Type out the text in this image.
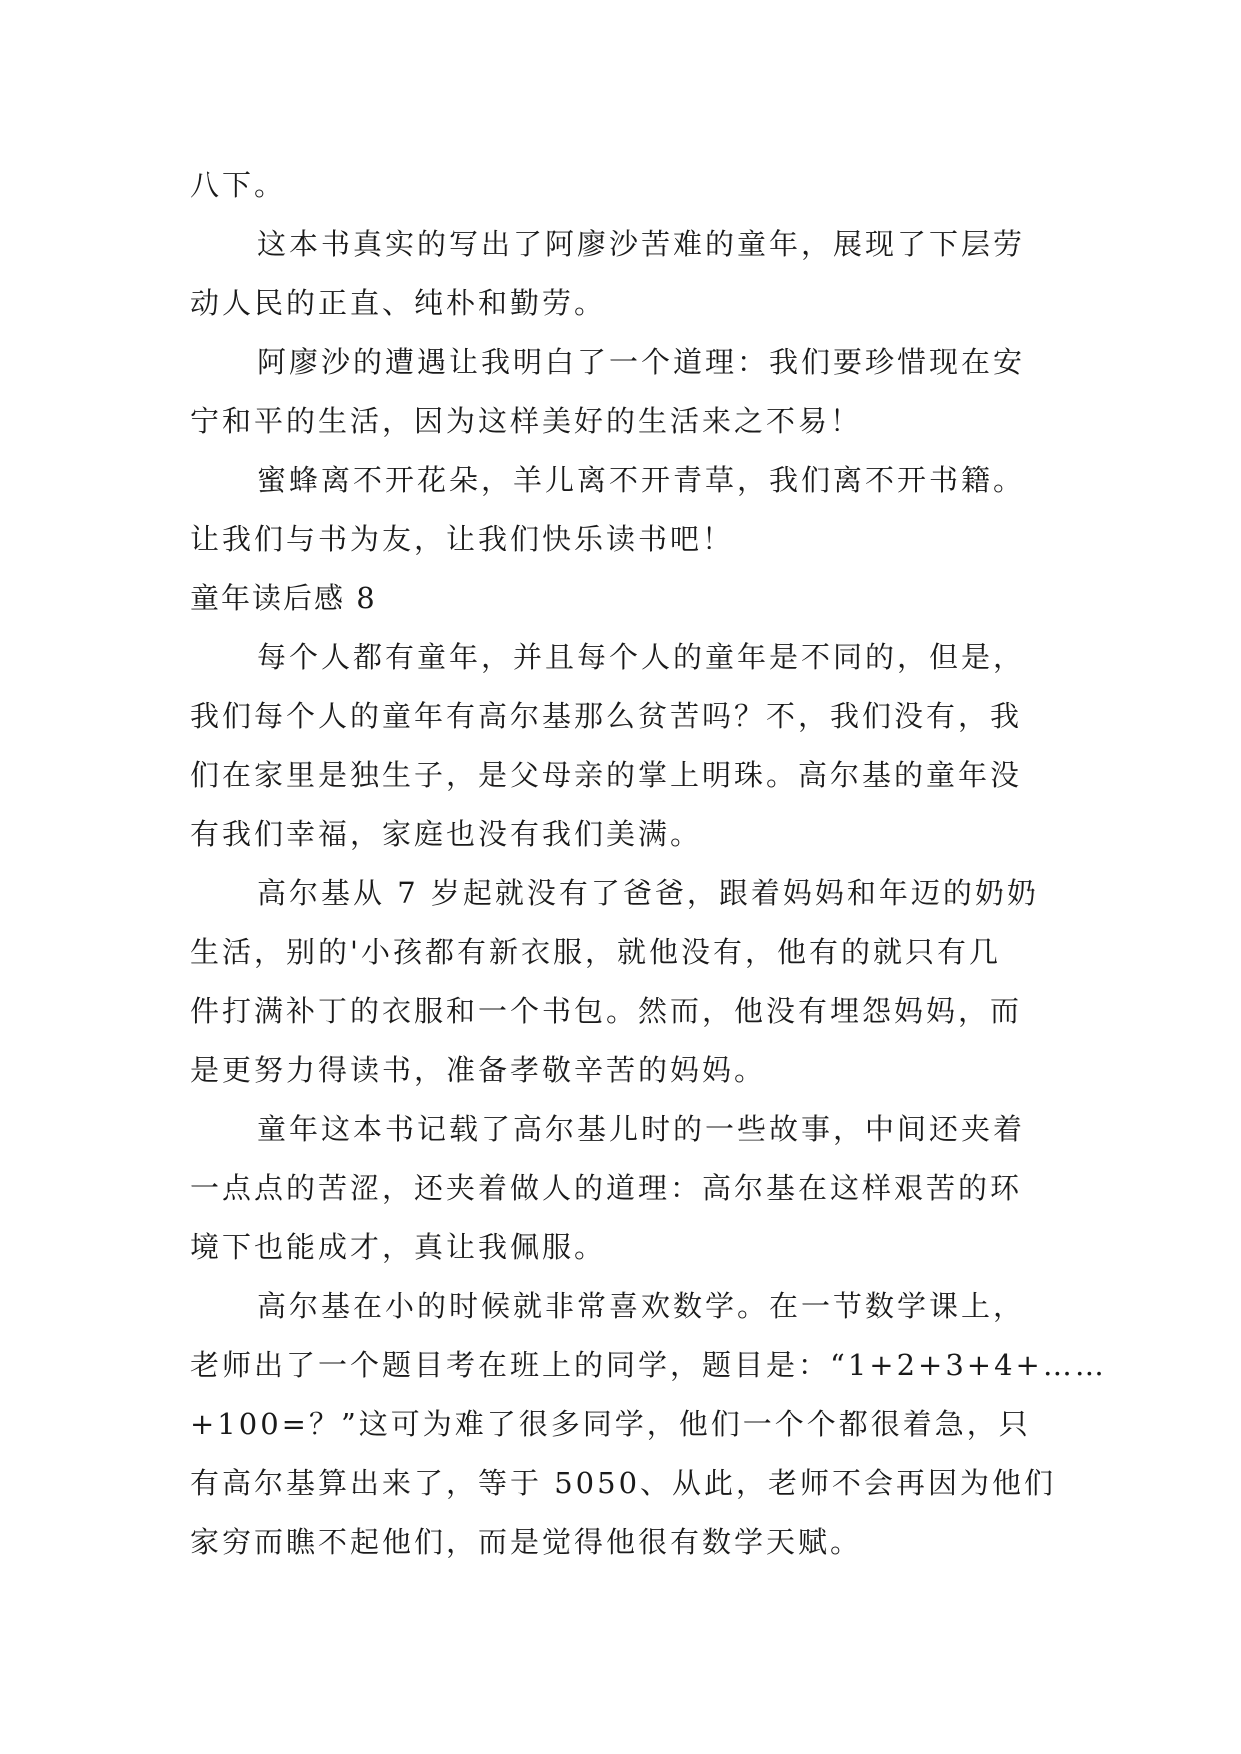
八下。
这本书真实的写出了阿廖沙苦难的童年，展现了下层劳
动人民的正直、纯朴和勤劳。
阿廖沙的遭遇让我明白了一个道理：我们要珍惜现在安
宁和平的生活，因为这样美好的生活来之不易！
蜜蜂离不开花朵，羊儿离不开青草，我们离不开书籍。
让我们与书为友，让我们快乐读书吧！
童年读后感 8
每个人都有童年，并且每个人的童年是不同的，但是，
我们每个人的童年有高尔基那么贫苦吗？不，我们没有，我
们在家里是独生子，是父母亲的掌上明珠。高尔基的童年没
有我们幸福，家庭也没有我们美满。
高尔基从 7 岁起就没有了爸爸，跟着妈妈和年迈的奶奶
生活，别的'小孩都有新衣服，就他没有，他有的就只有几
件打满补丁的衣服和一个书包。然而，他没有埋怨妈妈，而
是更努力得读书，准备孝敬辛苦的妈妈。
童年这本书记载了高尔基儿时的一些故事，中间还夹着
一点点的苦涩，还夹着做人的道理：高尔基在这样艰苦的环
境下也能成才，真让我佩服。
高尔基在小的时候就非常喜欢数学。在一节数学课上，
老师出了一个题目考在班上的同学，题目是：“1+2+3+4+……
+100=？”这可为难了很多同学，他们一个个都很着急，只
有高尔基算出来了，等于 5050、从此，老师不会再因为他们
家穷而瞧不起他们，而是觉得他很有数学天赋。
